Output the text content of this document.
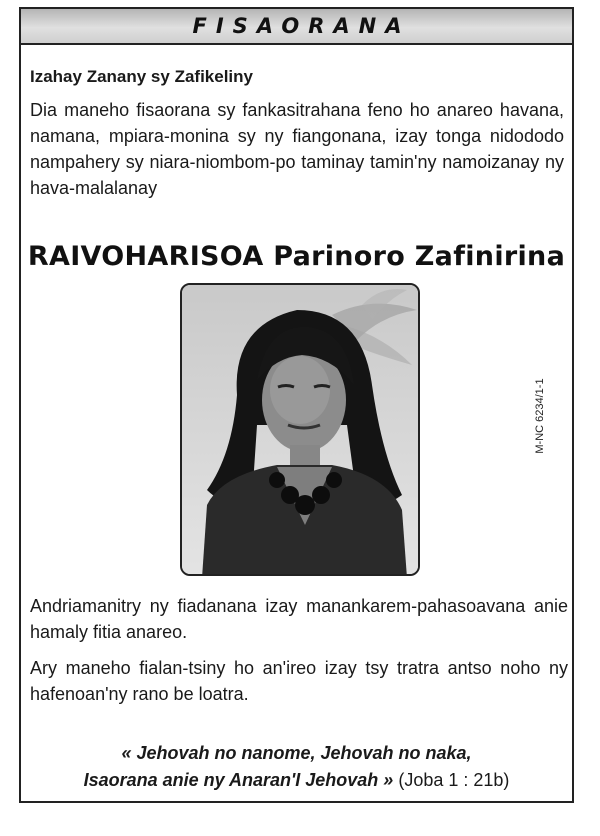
FISAORANA
Izahay Zanany sy Zafikeliny
Dia maneho fisaorana sy fankasitrahana feno ho anareo havana, namana, mpiara-monina sy ny fiangonana, izay tonga nidododo nampahery sy niara-niombom-po taminay tamin'ny namoizanay ny hava-malalanay
RAIVOHARISOA Parinoro Zafinirina
Andriamanitry ny fiadanana izay manankarem-pahasoavana anie hamaly fitia anareo.
Ary maneho fialan-tsiny ho an'ireo izay tsy tratra antso noho ny hafenoan'ny rano be loatra.
« Jehovah no nanome, Jehovah no naka,
Isaorana anie ny Anaran'I Jehovah » (Joba 1 : 21b)
M-NC 6234/1-1
